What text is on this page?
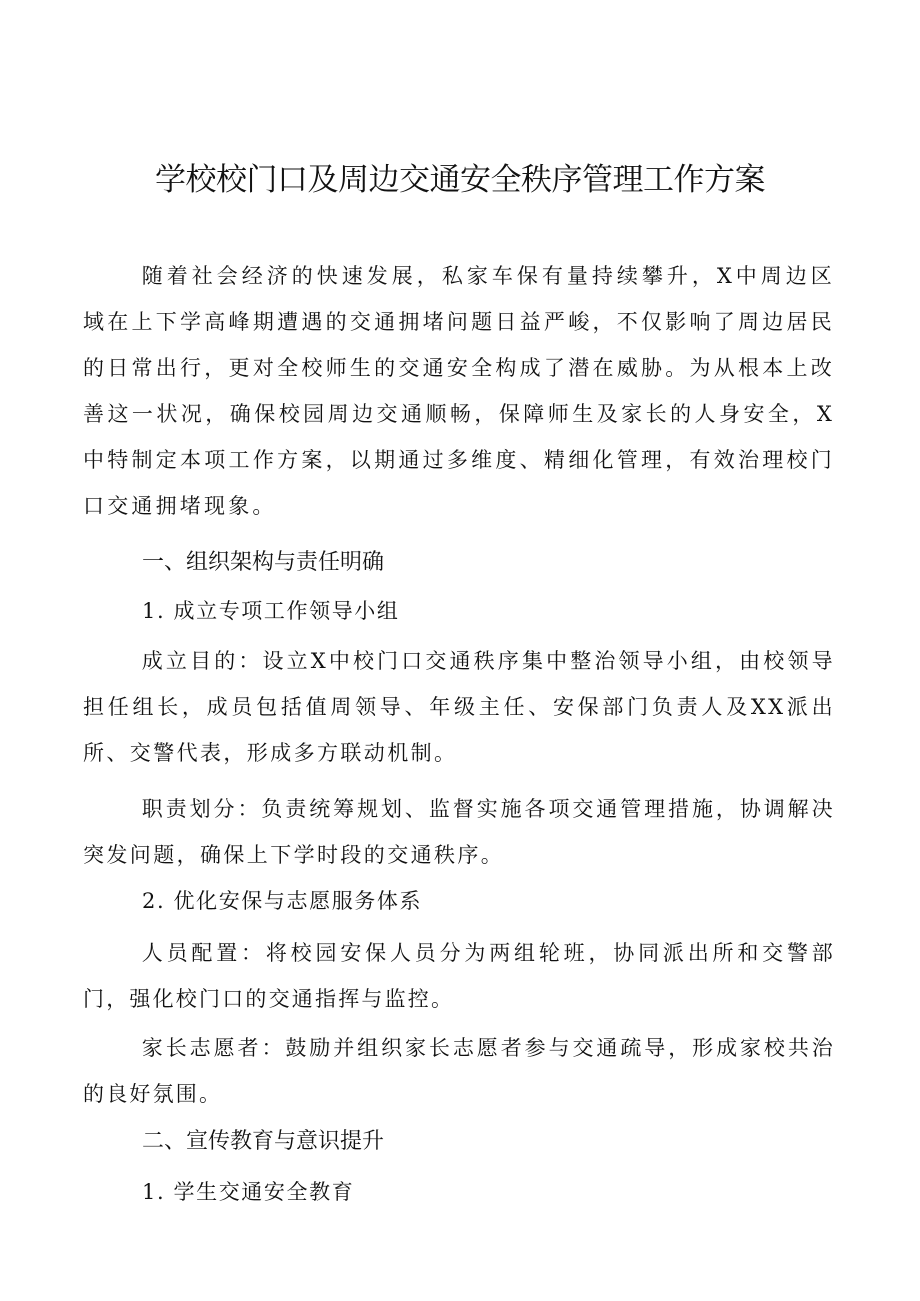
学校校门口及周边交通安全秩序管理工作方案

随着社会经济的快速发展，私家车保有量持续攀升，X中周边区域在上下学高峰期遭遇的交通拥堵问题日益严峻，不仅影响了周边居民的日常出行，更对全校师生的交通安全构成了潜在威胁。为从根本上改善这一状况，确保校园周边交通顺畅，保障师生及家长的人身安全，X中特制定本项工作方案，以期通过多维度、精细化管理，有效治理校门口交通拥堵现象。

一、组织架构与责任明确

1. 成立专项工作领导小组

成立目的：设立X中校门口交通秩序集中整治领导小组，由校领导担任组长，成员包括值周领导、年级主任、安保部门负责人及XX派出所、交警代表，形成多方联动机制。

职责划分：负责统筹规划、监督实施各项交通管理措施，协调解决突发问题，确保上下学时段的交通秩序。

2. 优化安保与志愿服务体系

人员配置：将校园安保人员分为两组轮班，协同派出所和交警部门，强化校门口的交通指挥与监控。

家长志愿者：鼓励并组织家长志愿者参与交通疏导，形成家校共治的良好氛围。

二、宣传教育与意识提升

1. 学生交通安全教育
